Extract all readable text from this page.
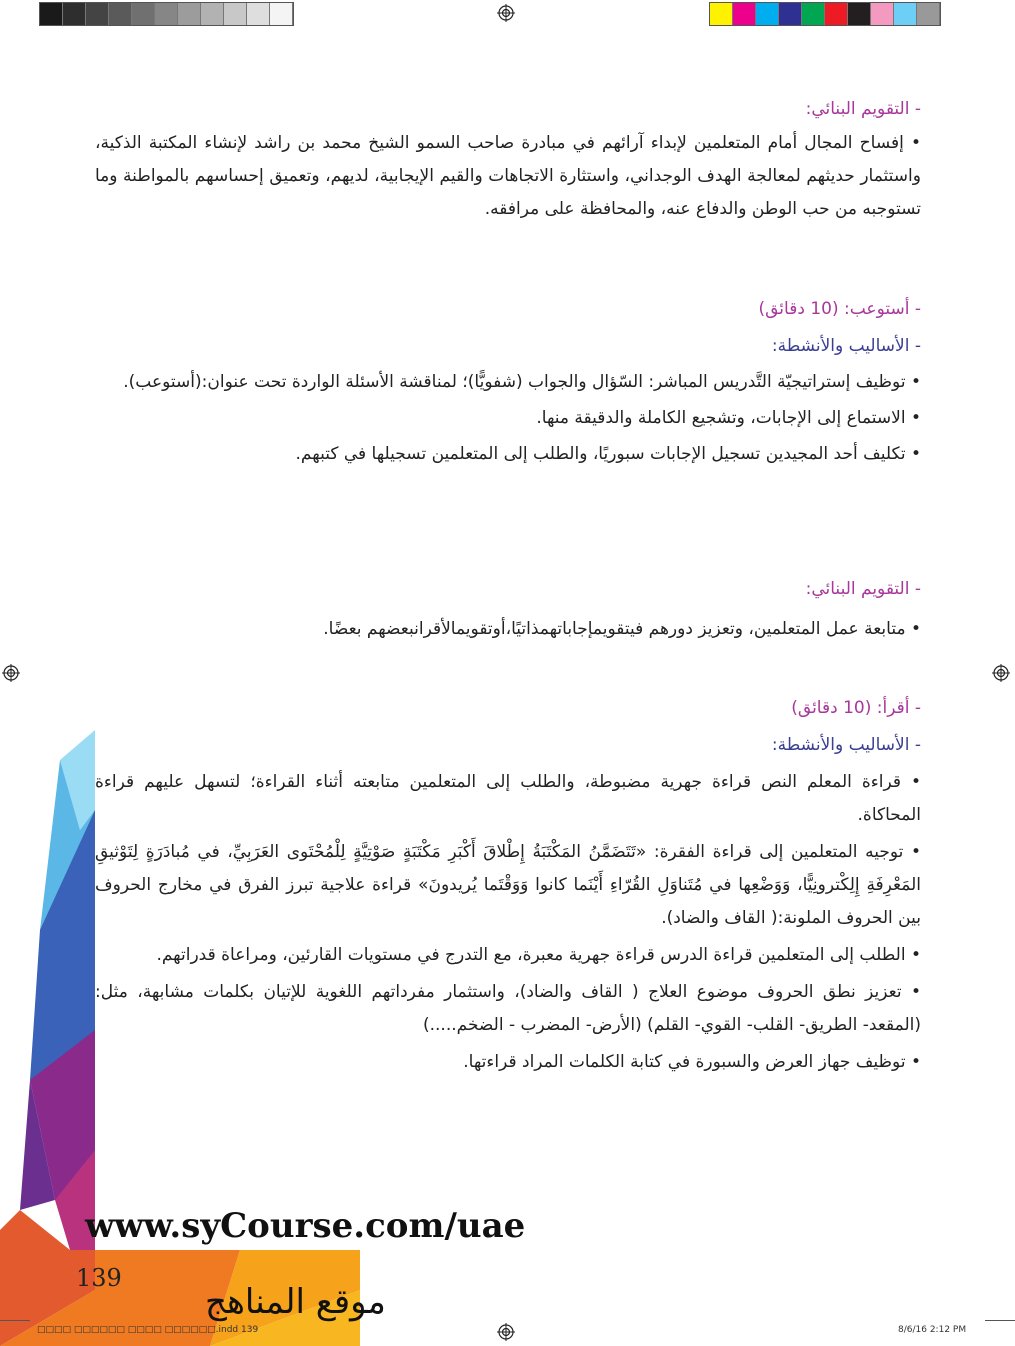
- التقويم البنائي:

• إفساح المجال أمام المتعلمين لإبداء آرائهم في مبادرة صاحب السمو الشيخ محمد بن راشد لإنشاء المكتبة الذكية، واستثمار حديثهم لمعالجة الهدف الوجداني، واستثارة الاتجاهات والقيم الإيجابية، لديهم، وتعميق إحساسهم بالمواطنة وما تستوجبه من حب الوطن والدفاع عنه، والمحافظة على مرافقه.

- أستوعب: (10 دقائق)

- الأساليب والأنشطة:

• توظيف إستراتيجيّة التَّدريس المباشر: السّؤال والجواب (شفويًّا)؛ لمناقشة الأسئلة الواردة تحت عنوان:(أستوعب).

• الاستماع إلى الإجابات، وتشجيع الكاملة والدقيقة منها.

• تكليف أحد المجيدين تسجيل الإجابات سبوريًا، والطلب إلى المتعلمين تسجيلها في كتبهم.

- التقويم البنائي:

• متابعة عمل المتعلمين، وتعزيز دورهم فيتقويمإجاباتهمذاتيًا،أوتقويمالأقرانبعضهم بعضًا.

- أقرأ: (10 دقائق)

- الأساليب والأنشطة:

• قراءة المعلم النص قراءة جهرية مضبوطة، والطلب إلى المتعلمين متابعته أثناء القراءة؛ لتسهل عليهم قراءة المحاكاة.

• توجيه المتعلمين إلى قراءة الفقرة: «تَتَضَمَّنُ المَكْتَبَةُ إِطْلاقَ أَكْبَرِ مَكْتَبَةٍ صَوْتِيَّةٍ لِلْمُحْتَوى العَرَبِيِّ، في مُبادَرَةٍ لِتَوْثيقِ المَعْرِفَةِ إِلِكْترونِيًّا، وَوَضْعِها في مُتَناوَلِ القُرّاءِ أَيْنَما كانوا وَوَقْتَما يُريدونَ» قراءة علاجية تبرز الفرق في مخارج الحروف بين الحروف الملونة:( القاف والضاد).

• الطلب إلى المتعلمين قراءة الدرس قراءة جهرية معبرة، مع التدرج في مستويات القارئين، ومراعاة قدراتهم.

• تعزيز نطق الحروف موضوع العلاج ( القاف والضاد)، واستثمار مفرداتهم اللغوية للإتيان بكلمات مشابهة، مثل: (المقعد- الطريق- القلب- القوي- القلم) (الأرض- المضرب - الضخم.....)

• توظيف جهاز العرض والسبورة في كتابة الكلمات المراد قراءتها.

www.syCourse.com/uae
139
موقع المناهج
□□□□ □□□□□□ □□□□ □□□□□□.indd 139	8/6/16 2:12 PM
